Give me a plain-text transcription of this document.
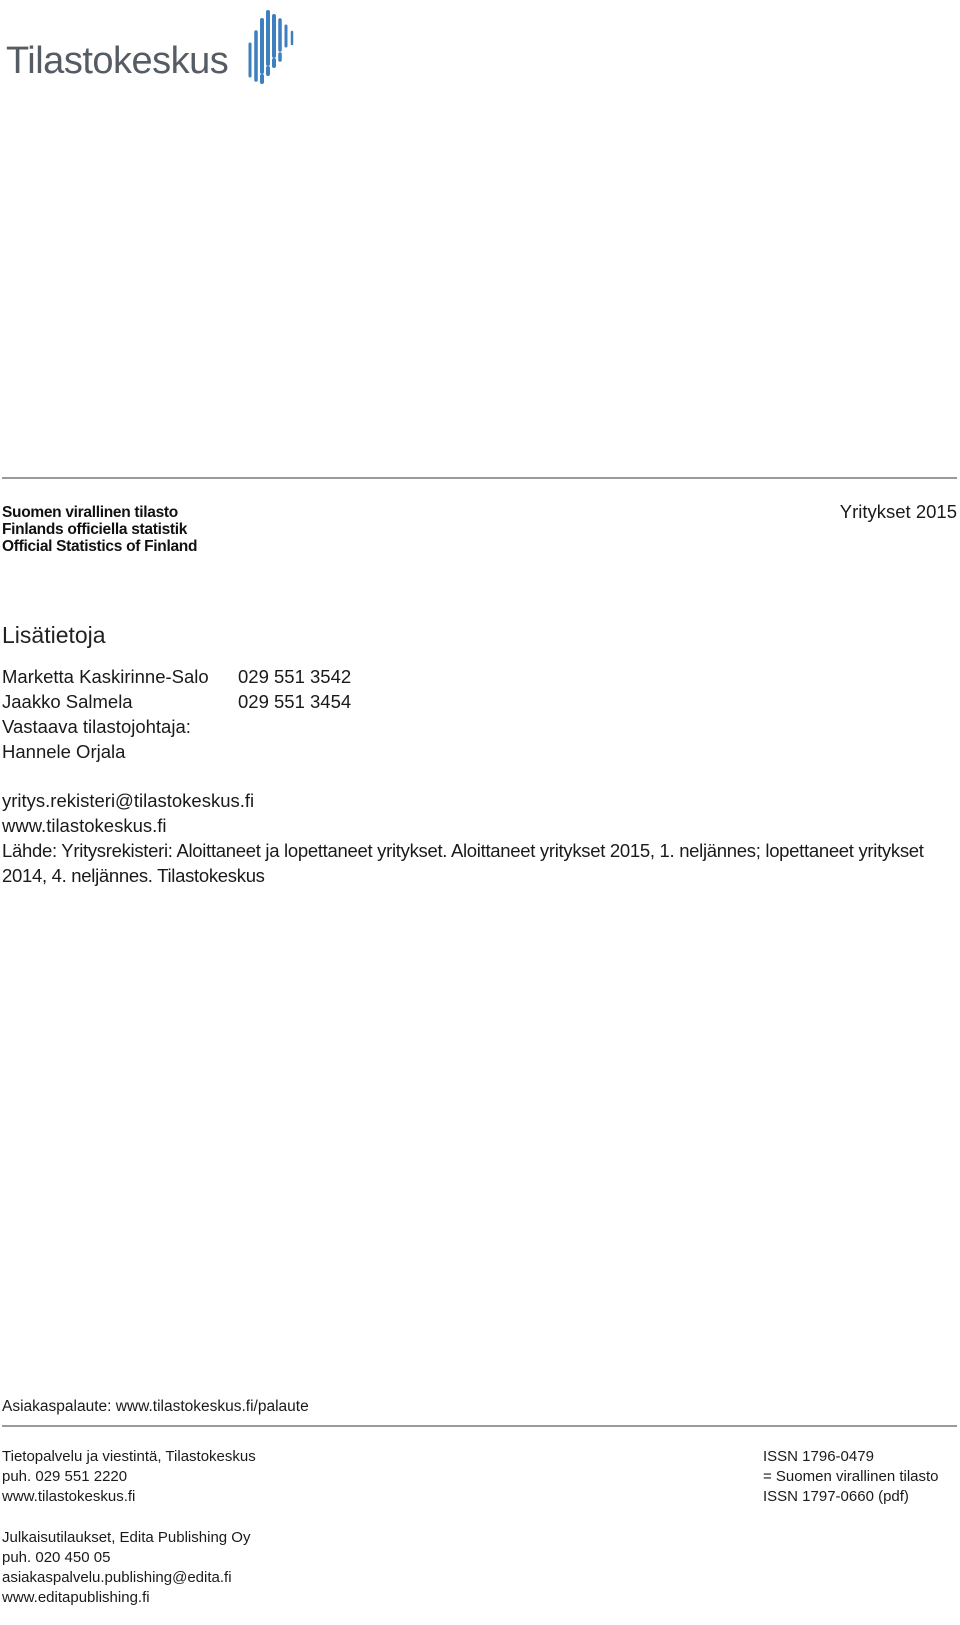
Tilastokeskus
Suomen virallinen tilasto
Finlands officiella statistik
Official Statistics of Finland
Yritykset 2015
Lisätietoja
Marketta Kaskirinne-Salo	029 551 3542
Jaakko Salmela	029 551 3454
Vastaava tilastojohtaja:
Hannele Orjala
yritys.rekisteri@tilastokeskus.fi
www.tilastokeskus.fi
Lähde: Yritysrekisteri: Aloittaneet ja lopettaneet yritykset. Aloittaneet yritykset 2015, 1. neljännes; lopettaneet yritykset 2014, 4. neljännes. Tilastokeskus
Asiakaspalaute: www.tilastokeskus.fi/palaute
Tietopalvelu ja viestintä, Tilastokeskus
puh. 029 551 2220
www.tilastokeskus.fi
ISSN 1796-0479
= Suomen virallinen tilasto
ISSN 1797-0660 (pdf)
Julkaisutilaukset, Edita Publishing Oy
puh. 020 450 05
asiakaspalvelu.publishing@edita.fi
www.editapublishing.fi
